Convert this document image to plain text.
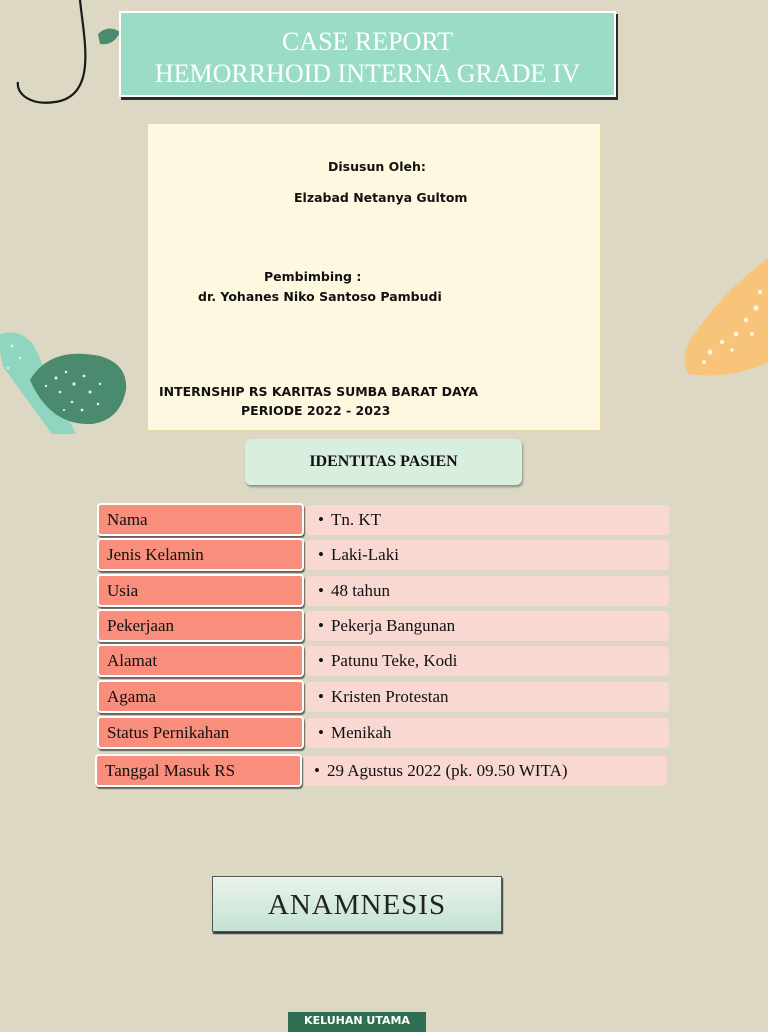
CASE REPORT
HEMORRHOID INTERNA GRADE IV
Disusun Oleh:
Elzabad Netanya Gultom
Pembimbing :
dr. Yohanes Niko Santoso Pambudi
INTERNSHIP RS KARITAS SUMBA BARAT DAYA
PERIODE 2022 - 2023
IDENTITAS PASIEN
Nama	• Tn. KT
Jenis Kelamin	• Laki-Laki
Usia	• 48 tahun
Pekerjaan	• Pekerja Bangunan
Alamat	• Patunu Teke, Kodi
Agama	• Kristen Protestan
Status Pernikahan	• Menikah
Tanggal Masuk RS	• 29 Agustus 2022 (pk. 09.50 WITA)
ANAMNESIS
KELUHAN UTAMA
